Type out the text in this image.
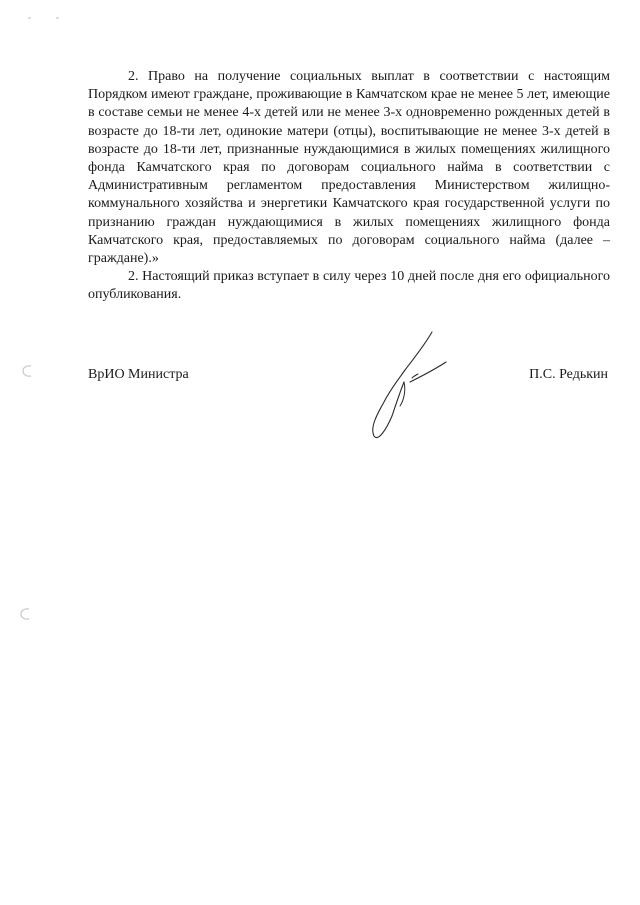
2. Право на получение социальных выплат в соответствии с настоящим Порядком имеют граждане, проживающие в Камчатском крае не менее 5 лет, имеющие в составе семьи не менее 4-х детей или не менее 3-х одновременно рожденных детей в возрасте до 18-ти лет, одинокие матери (отцы), воспитывающие не менее 3-х детей в возрасте до 18-ти лет, признанные нуждающимися в жилых помещениях жилищного фонда Камчатского края по договорам социального найма в соответствии с Административным регламентом предоставления Министерством жилищно-коммунального хозяйства и энергетики Камчатского края государственной услуги по признанию граждан нуждающимися в жилых помещениях жилищного фонда Камчатского края, предоставляемых по договорам социального найма (далее – граждане).»

2. Настоящий приказ вступает в силу через 10 дней после дня его официального опубликования.

ВрИО Министра	П.С. Редькин
